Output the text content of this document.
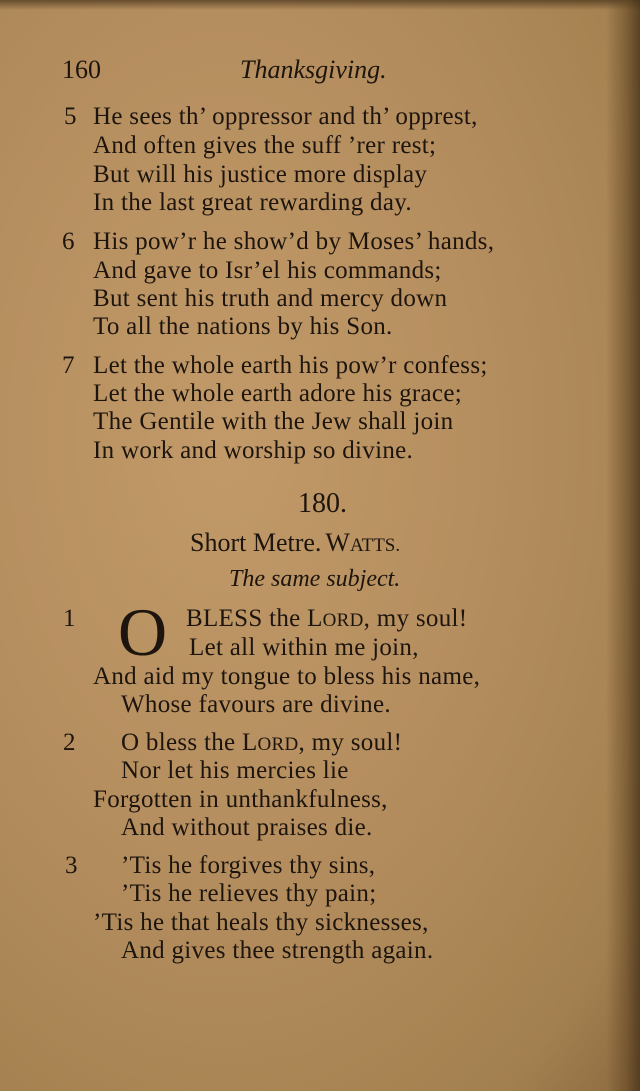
160	Thanksgiving.
5 He sees th’ oppressor and th’ opprest,
And often gives the suff ’rer rest;
But will his justice more display
In the last great rewarding day.
6 His pow’r he show’d by Moses’ hands,
And gave to Isr’el his commands;
But sent his truth and mercy down
To all the nations by his Son.
7 Let the whole earth his pow’r confess;
Let the whole earth adore his grace;
The Gentile with the Jew shall join
In work and worship so divine.
180.
Short Metre. WATTS.
The same subject.
1 O BLESS the LORD, my soul!
Let all within me join,
And aid my tongue to bless his name,
Whose favours are divine.
2 O bless the LORD, my soul!
Nor let his mercies lie
Forgotten in unthankfulness,
And without praises die.
3 ’Tis he forgives thy sins,
’Tis he relieves thy pain;
’Tis he that heals thy sicknesses,
And gives thee strength again.
